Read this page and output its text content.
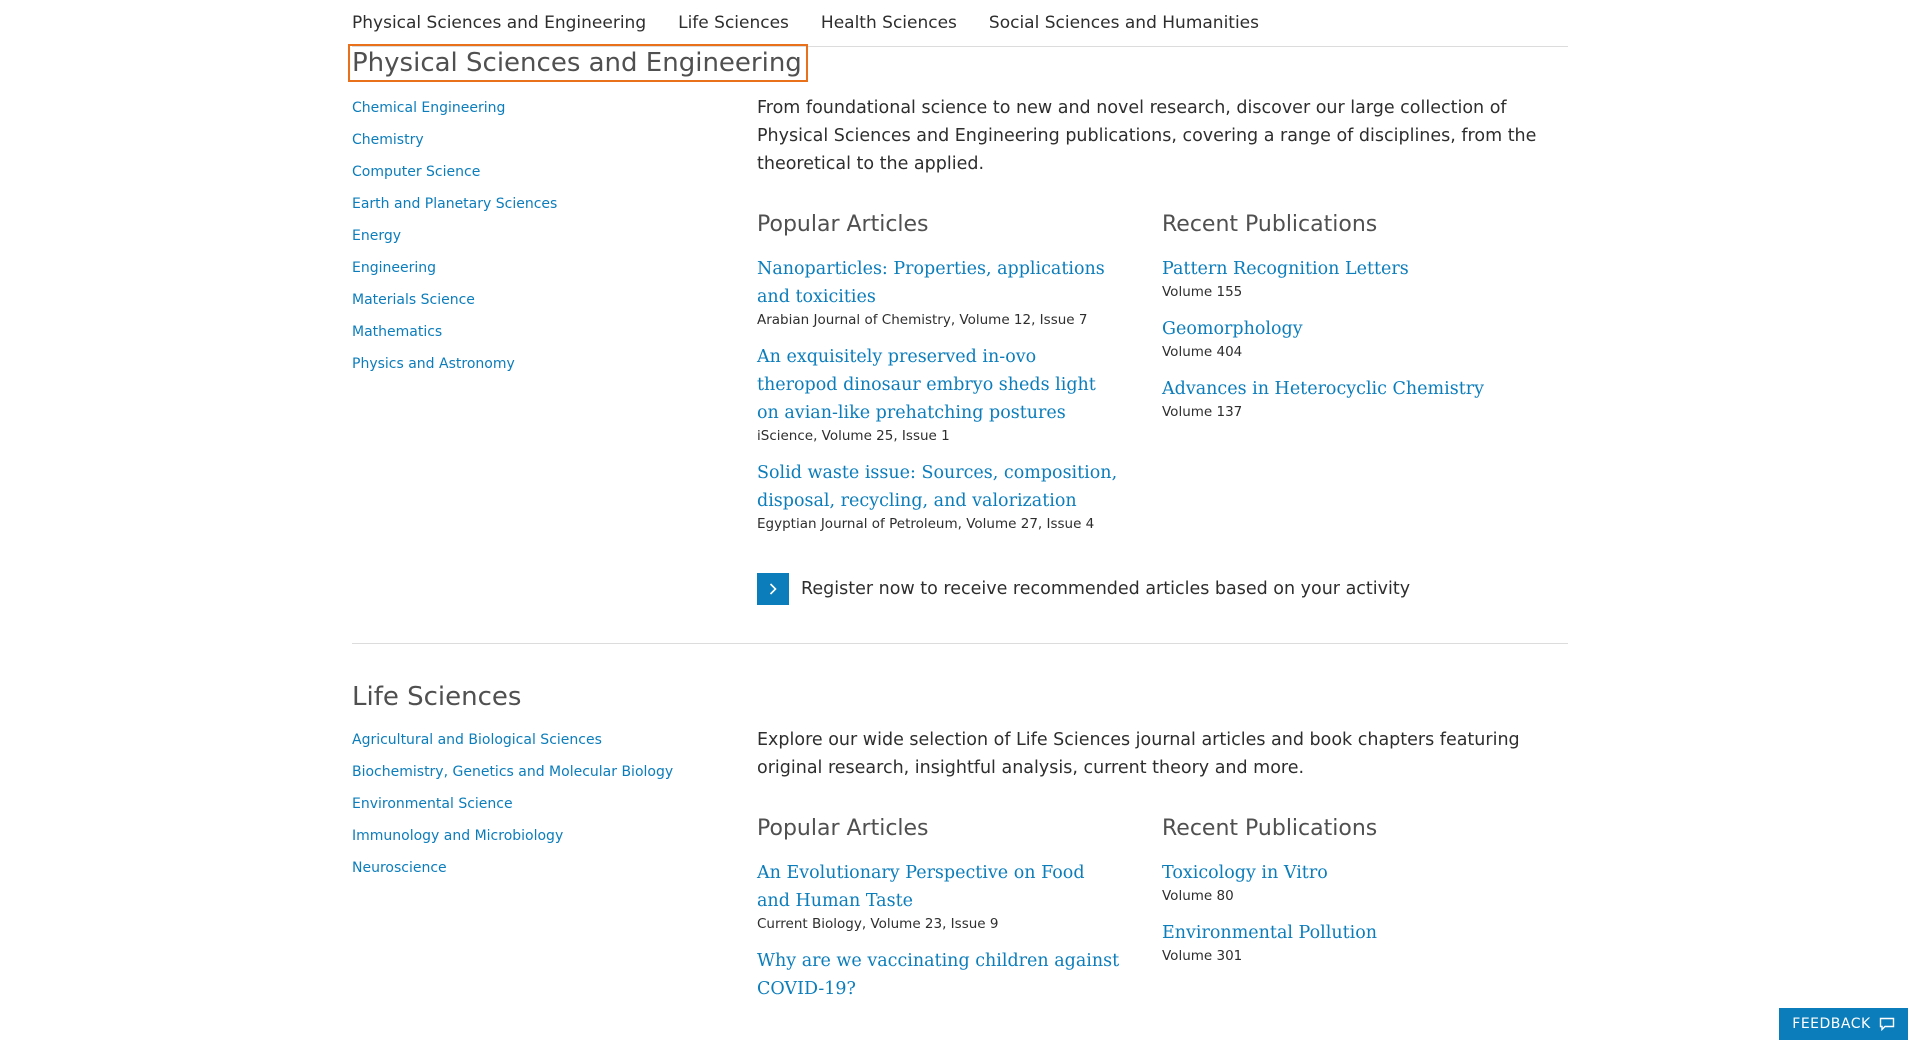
Physical Sciences and Engineering Life Sciences Health Sciences Social Sciences and Humanities
Physical Sciences and Engineering
Chemical Engineering
Chemistry
Computer Science
Earth and Planetary Sciences
Energy
Engineering
Materials Science
Mathematics
Physics and Astronomy

From foundational science to new and novel research, discover our large collection of Physical Sciences and Engineering publications, covering a range of disciplines, from the theoretical to the applied.

Popular Articles
Nanoparticles: Properties, applications and toxicities
Arabian Journal of Chemistry, Volume 12, Issue 7
An exquisitely preserved in-ovo theropod dinosaur embryo sheds light on avian-like prehatching postures
iScience, Volume 25, Issue 1
Solid waste issue: Sources, composition, disposal, recycling, and valorization
Egyptian Journal of Petroleum, Volume 27, Issue 4
Recent Publications
Pattern Recognition Letters
Volume 155
Geomorphology
Volume 404
Advances in Heterocyclic Chemistry
Volume 137
Register now to receive recommended articles based on your activity
Life Sciences
Agricultural and Biological Sciences
Biochemistry, Genetics and Molecular Biology
Environmental Science
Immunology and Microbiology
Neuroscience

Explore our wide selection of Life Sciences journal articles and book chapters featuring original research, insightful analysis, current theory and more.

Popular Articles
An Evolutionary Perspective on Food and Human Taste
Current Biology, Volume 23, Issue 9
Why are we vaccinating children against COVID-19?
Recent Publications
Toxicology in Vitro
Volume 80
Environmental Pollution
Volume 301
FEEDBACK
